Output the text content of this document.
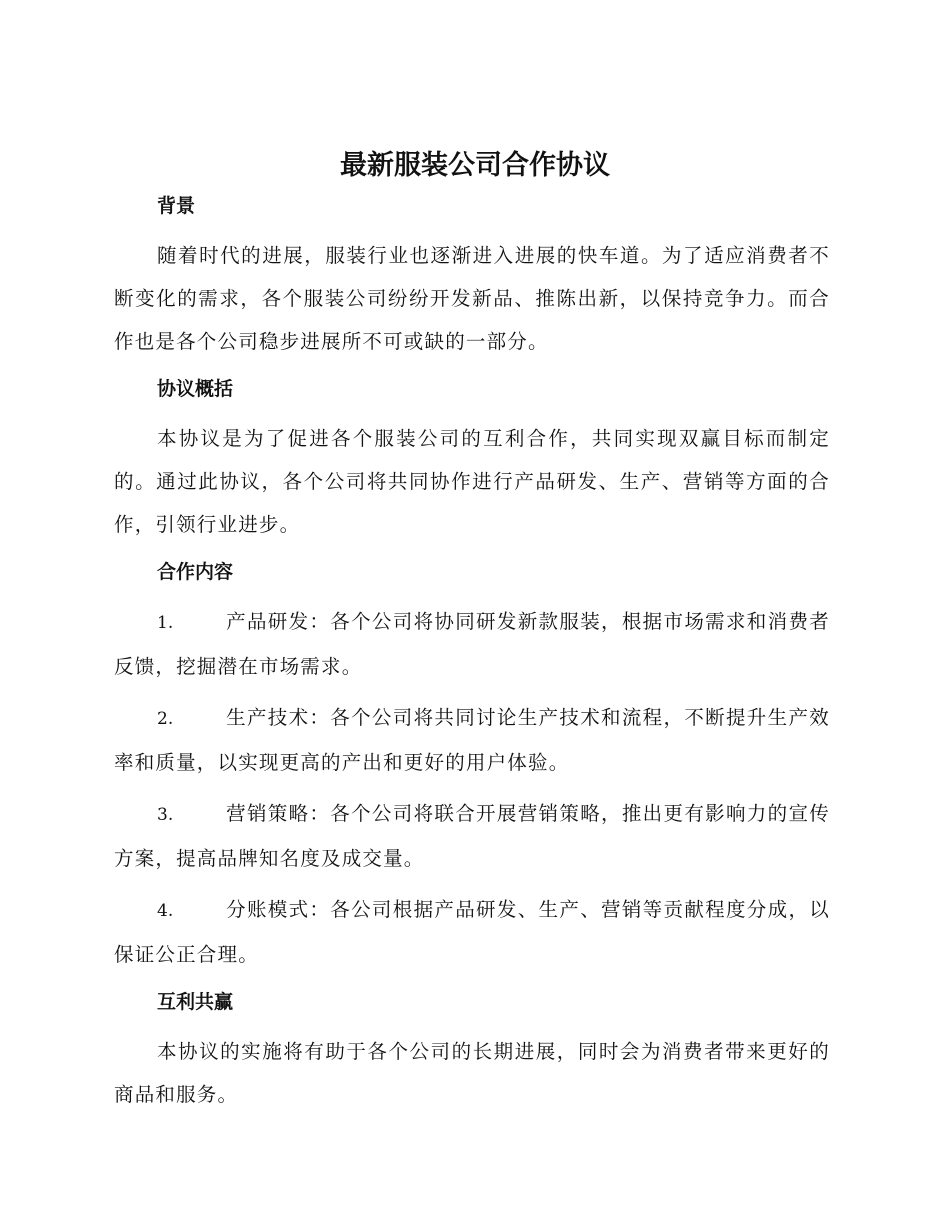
最新服装公司合作协议
背景

随着时代的进展，服装行业也逐渐进入进展的快车道。为了适应消费者不断变化的需求，各个服装公司纷纷开发新品、推陈出新，以保持竞争力。而合作也是各个公司稳步进展所不可或缺的一部分。

协议概括

本协议是为了促进各个服装公司的互利合作，共同实现双赢目标而制定的。通过此协议，各个公司将共同协作进行产品研发、生产、营销等方面的合作，引领行业进步。

合作内容

1.	产品研发：各个公司将协同研发新款服装，根据市场需求和消费者反馈，挖掘潜在市场需求。

2.	生产技术：各个公司将共同讨论生产技术和流程，不断提升生产效率和质量，以实现更高的产出和更好的用户体验。

3.	营销策略：各个公司将联合开展营销策略，推出更有影响力的宣传方案，提高品牌知名度及成交量。

4.	分账模式：各公司根据产品研发、生产、营销等贡献程度分成，以保证公正合理。

互利共赢

本协议的实施将有助于各个公司的长期进展，同时会为消费者带来更好的商品和服务。
